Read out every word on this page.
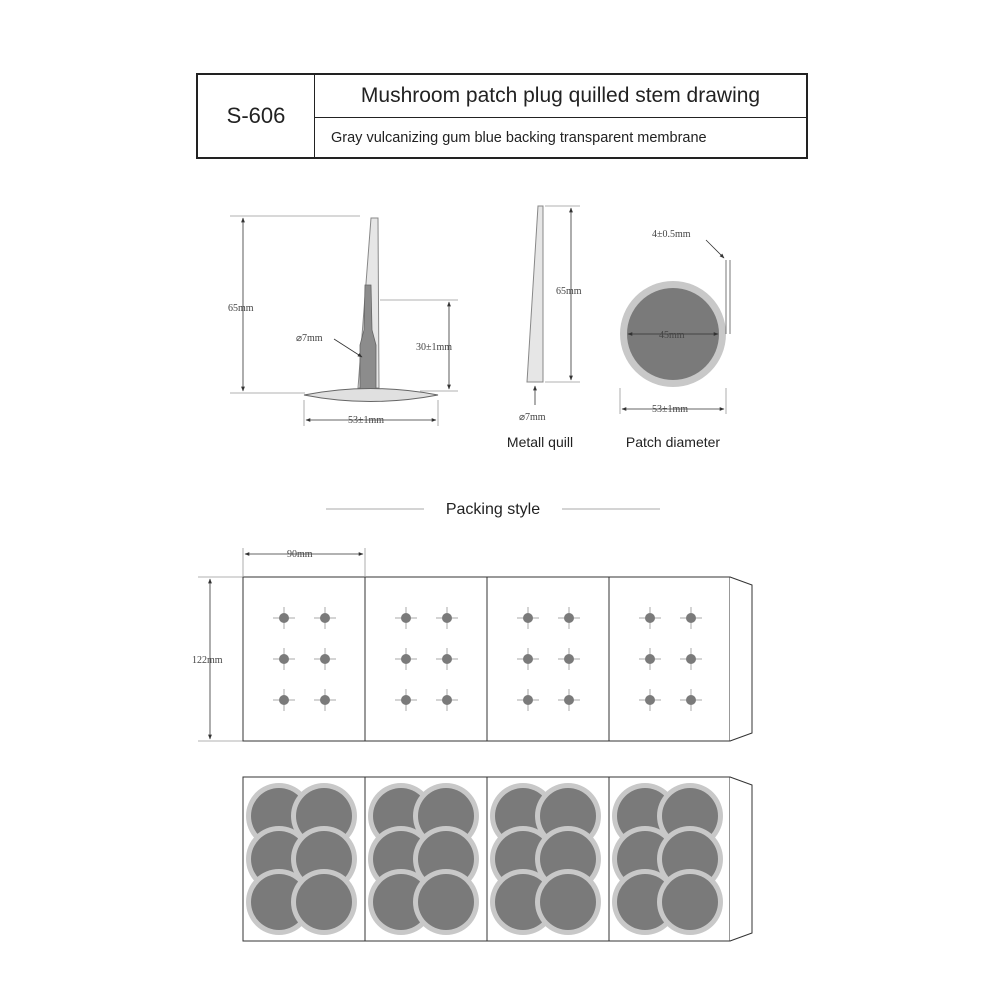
S-606
Mushroom patch plug quilled stem drawing
Gray vulcanizing gum blue backing transparent membrane
65mm
30±1mm
⌀7mm
53±1mm
65mm
⌀7mm
Metall quill
45mm
4±0.5mm
53±1mm
Patch diameter
Packing style
90mm
122mm
